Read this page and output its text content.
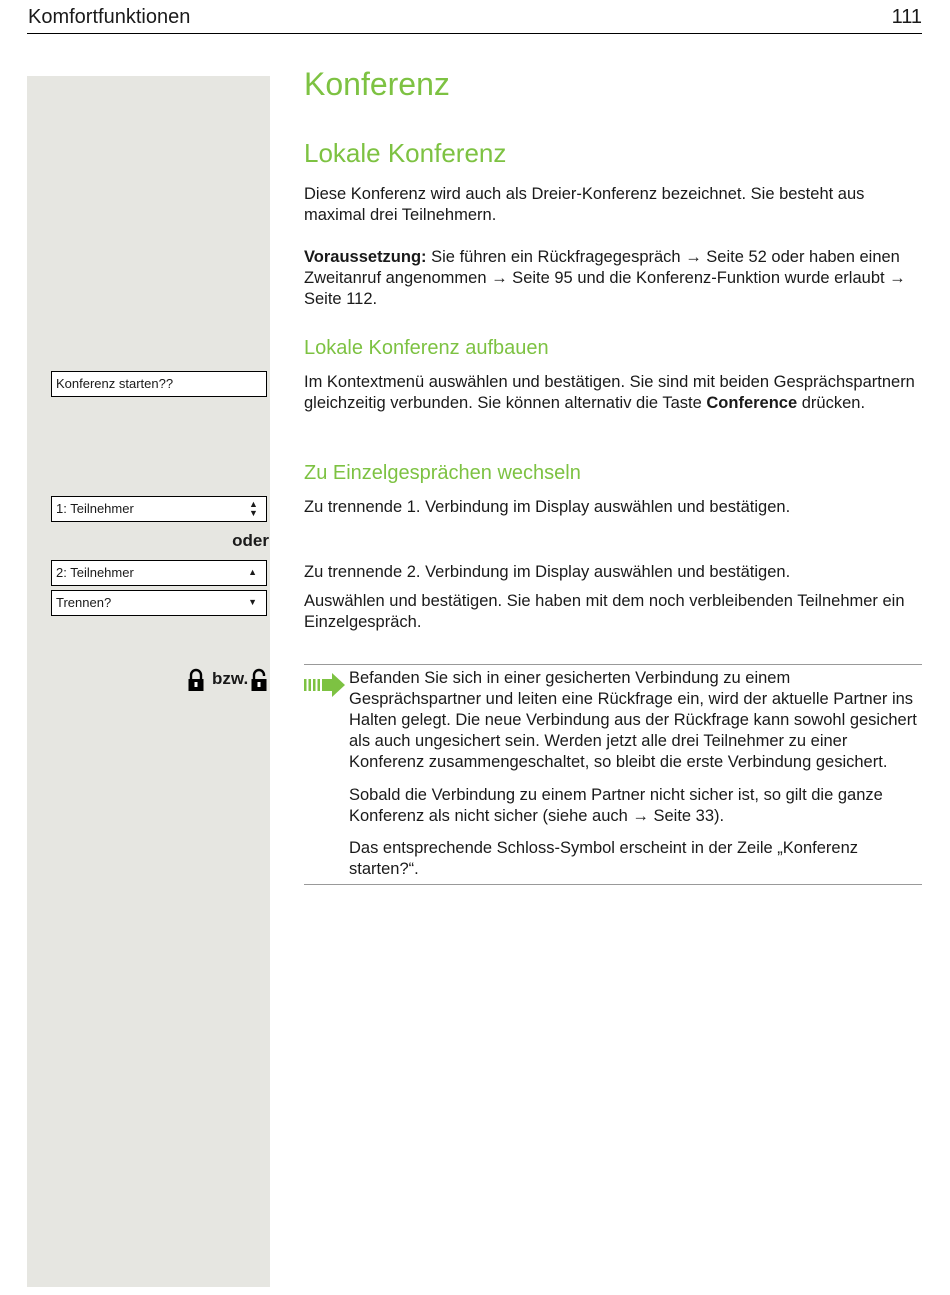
Komfortfunktionen	111
Konferenz
Lokale Konferenz
Diese Konferenz wird auch als Dreier-Konferenz bezeichnet. Sie besteht aus maximal drei Teilnehmern.
Voraussetzung: Sie führen ein Rückfragegespräch → Seite 52 oder haben einen Zweitanruf angenommen → Seite 95 und die Konferenz-Funktion wurde erlaubt → Seite 112.
Lokale Konferenz aufbauen
Konferenz starten??	Im Kontextmenü auswählen und bestätigen. Sie sind mit beiden Gesprächspartnern gleichzeitig verbunden. Sie können alternativ die Taste Conference drücken.
Zu Einzelgesprächen wechseln
1: Teilnehmer	▲▼	Zu trennende 1. Verbindung im Display auswählen und bestätigen.
oder
2: Teilnehmer	▲	Zu trennende 2. Verbindung im Display auswählen und bestätigen.
Trennen?	▼	Auswählen und bestätigen. Sie haben mit dem noch verbleibenden Teilnehmer ein Einzelgespräch.
bzw.	Befanden Sie sich in einer gesicherten Verbindung zu einem Gesprächspartner und leiten eine Rückfrage ein, wird der aktuelle Partner ins Halten gelegt. Die neue Verbindung aus der Rückfrage kann sowohl gesichert als auch ungesichert sein. Werden jetzt alle drei Teilnehmer zu einer Konferenz zusammengeschaltet, so bleibt die erste Verbindung gesichert.
Sobald die Verbindung zu einem Partner nicht sicher ist, so gilt die ganze Konferenz als nicht sicher (siehe auch → Seite 33).
Das entsprechende Schloss-Symbol erscheint in der Zeile „Konferenz starten?“.
